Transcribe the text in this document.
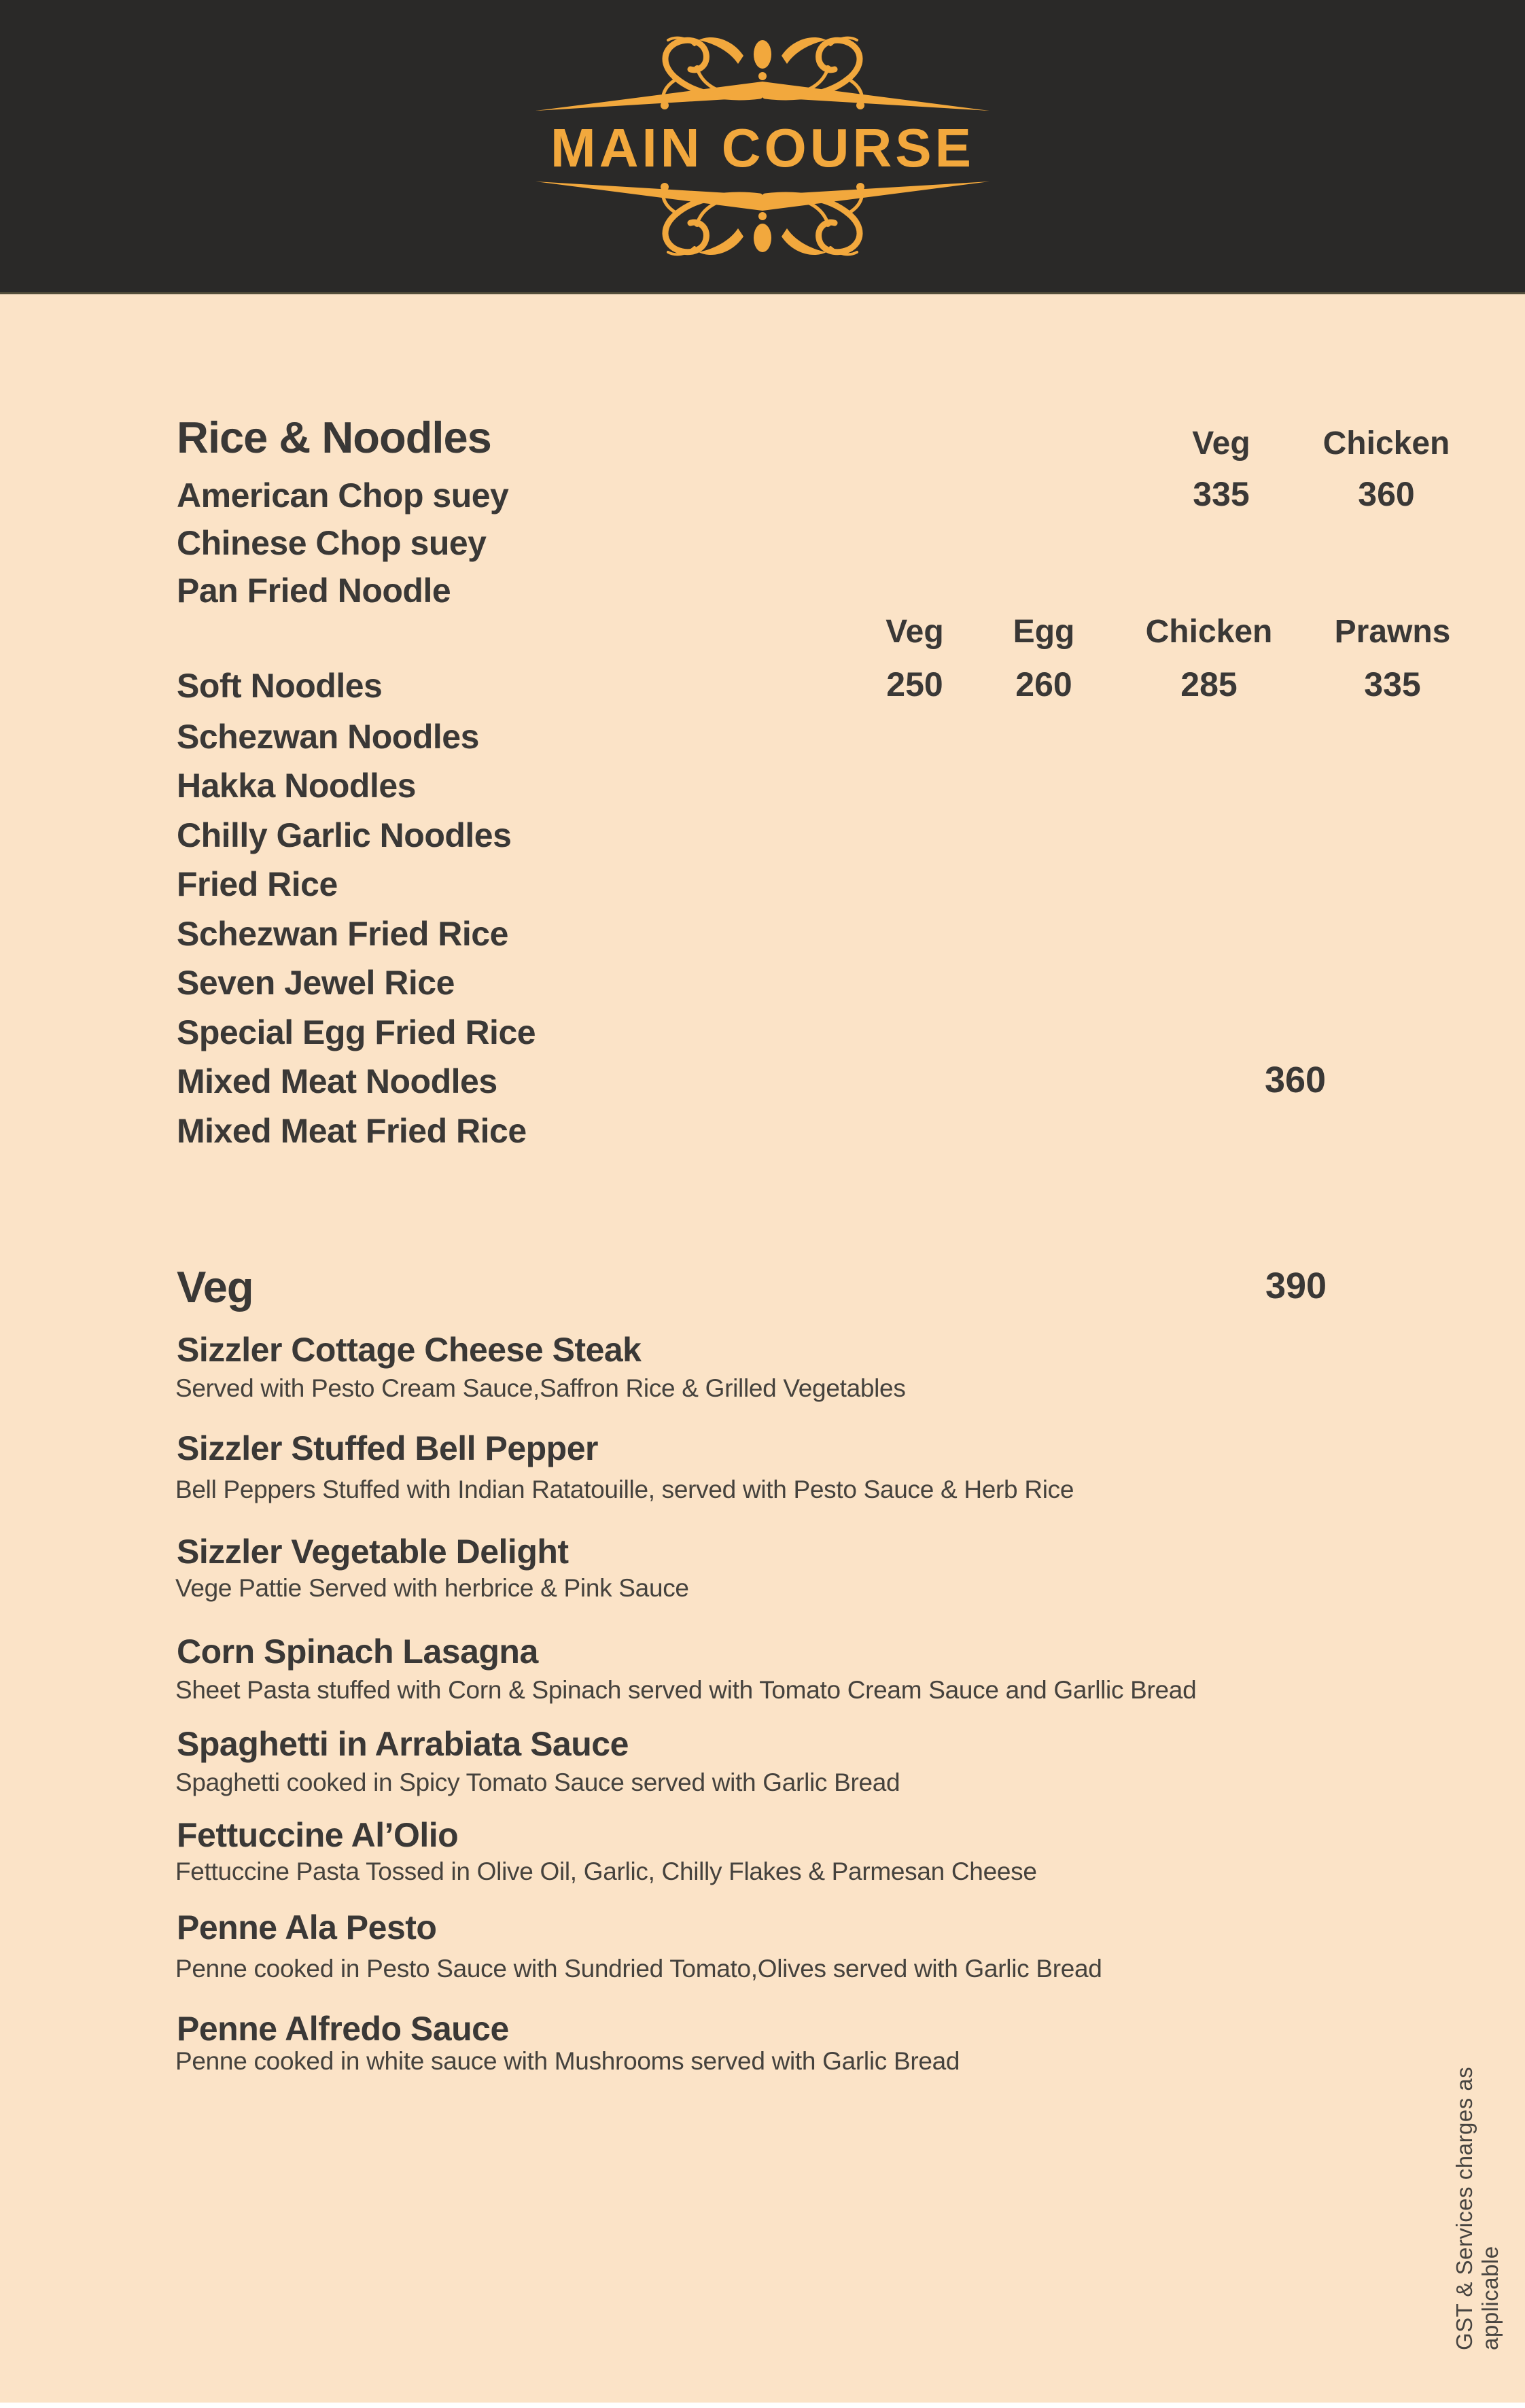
MAIN COURSE
Rice & Noodles	Veg	Chicken
American Chop suey	335	360
Chinese Chop suey
Pan Fried Noodle
Veg	Egg	Chicken	Prawns
Soft Noodles	250	260	285	335
Schezwan Noodles
Hakka Noodles
Chilly Garlic Noodles
Fried Rice
Schezwan Fried Rice
Seven Jewel Rice
Special Egg Fried Rice
Mixed Meat Noodles	360
Mixed Meat Fried Rice
Veg	390
Sizzler Cottage Cheese Steak
Served with Pesto Cream Sauce,Saffron Rice & Grilled Vegetables
Sizzler Stuffed Bell Pepper
Bell Peppers Stuffed with Indian Ratatouille, served with Pesto Sauce & Herb Rice
Sizzler Vegetable Delight
Vege Pattie Served with herbrice & Pink Sauce
Corn Spinach Lasagna
Sheet Pasta stuffed with Corn & Spinach served with Tomato Cream Sauce and Garllic Bread
Spaghetti in Arrabiata Sauce
Spaghetti cooked in Spicy Tomato Sauce served with Garlic Bread
Fettuccine Al’Olio
Fettuccine Pasta Tossed in Olive Oil, Garlic, Chilly Flakes & Parmesan Cheese
Penne Ala Pesto
Penne cooked in Pesto Sauce with Sundried Tomato,Olives served with Garlic Bread
Penne Alfredo Sauce
Penne cooked in white sauce with Mushrooms served with Garlic Bread
GST & Services charges as applicable
